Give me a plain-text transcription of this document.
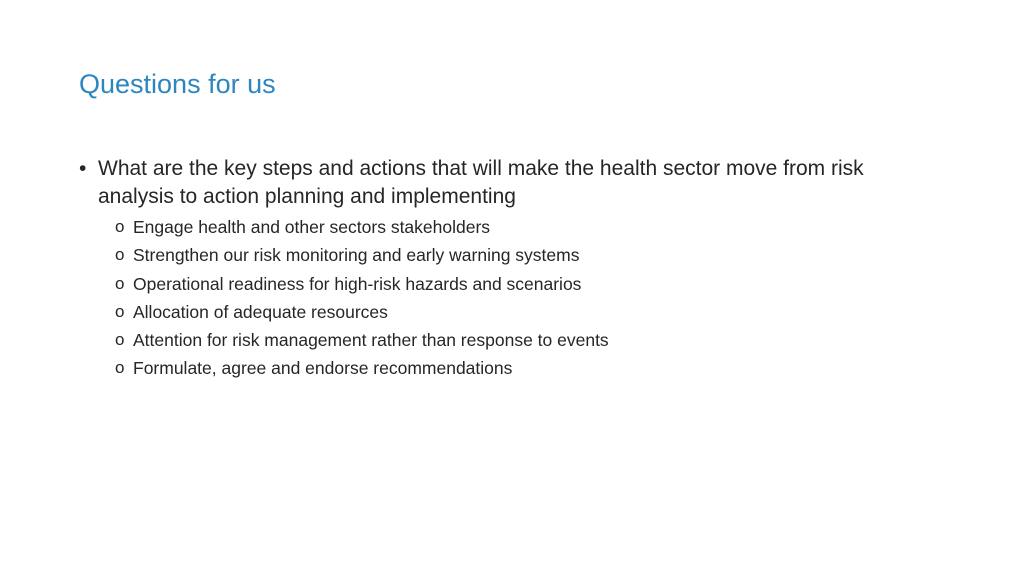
Questions for us
• What are the key steps and actions that will make the health sector move from risk analysis to action planning and implementing
o Engage health and other sectors stakeholders
o Strengthen our risk monitoring and early warning systems
o Operational readiness for high-risk hazards and scenarios
o Allocation of adequate resources
o Attention for risk management rather than response to events
o Formulate, agree and endorse recommendations
